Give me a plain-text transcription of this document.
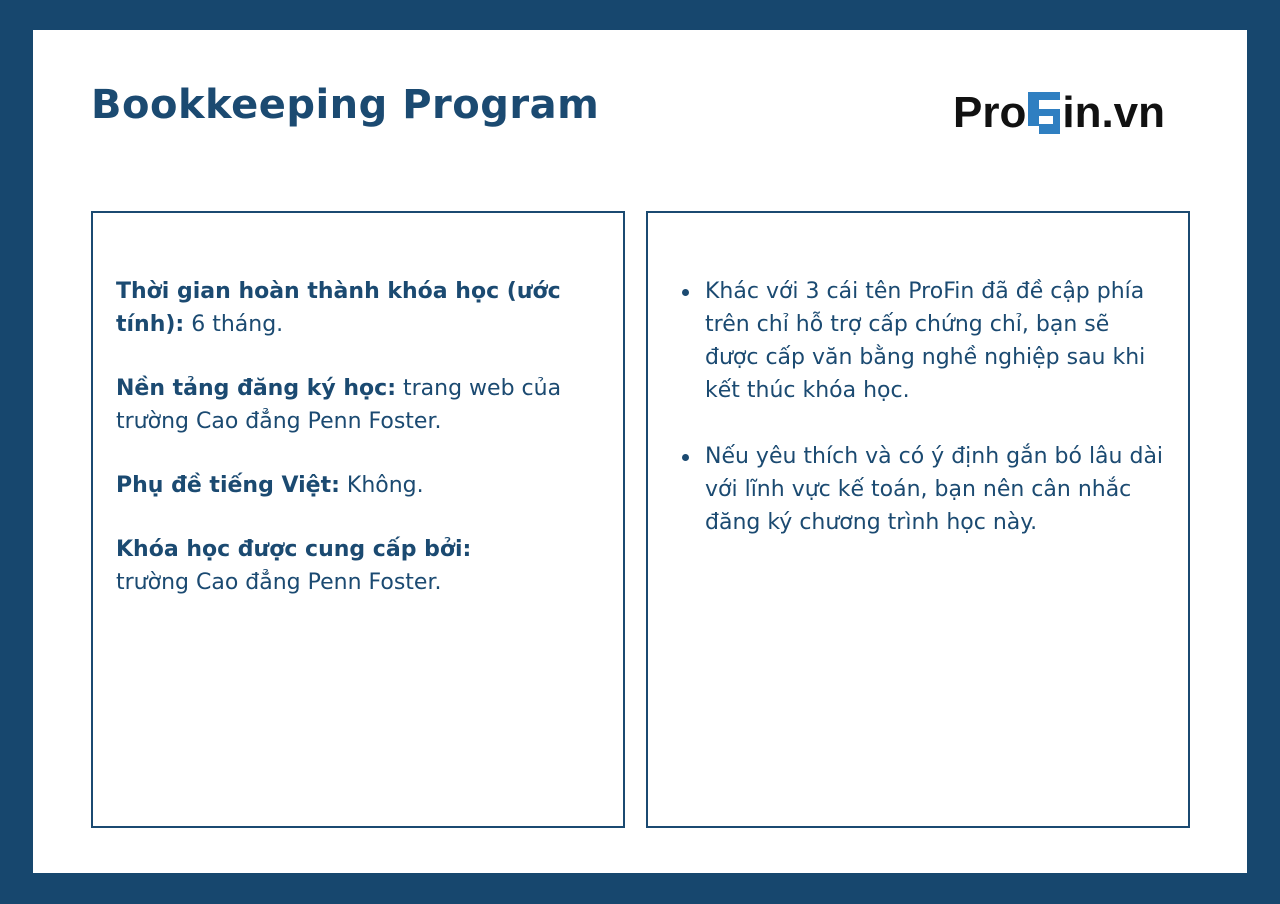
Bookkeeping Program	Pro in.vn

Thời gian hoàn thành khóa học (ước tính): 6 tháng.

Nền tảng đăng ký học: trang web của trường Cao đẳng Penn Foster.

Phụ đề tiếng Việt: Không.

Khóa học được cung cấp bởi:
trường Cao đẳng Penn Foster.

Khác với 3 cái tên ProFin đã đề cập phía trên chỉ hỗ trợ cấp chứng chỉ, bạn sẽ được cấp văn bằng nghề nghiệp sau khi kết thúc khóa học.
Nếu yêu thích và có ý định gắn bó lâu dài với lĩnh vực kế toán, bạn nên cân nhắc đăng ký chương trình học này.
